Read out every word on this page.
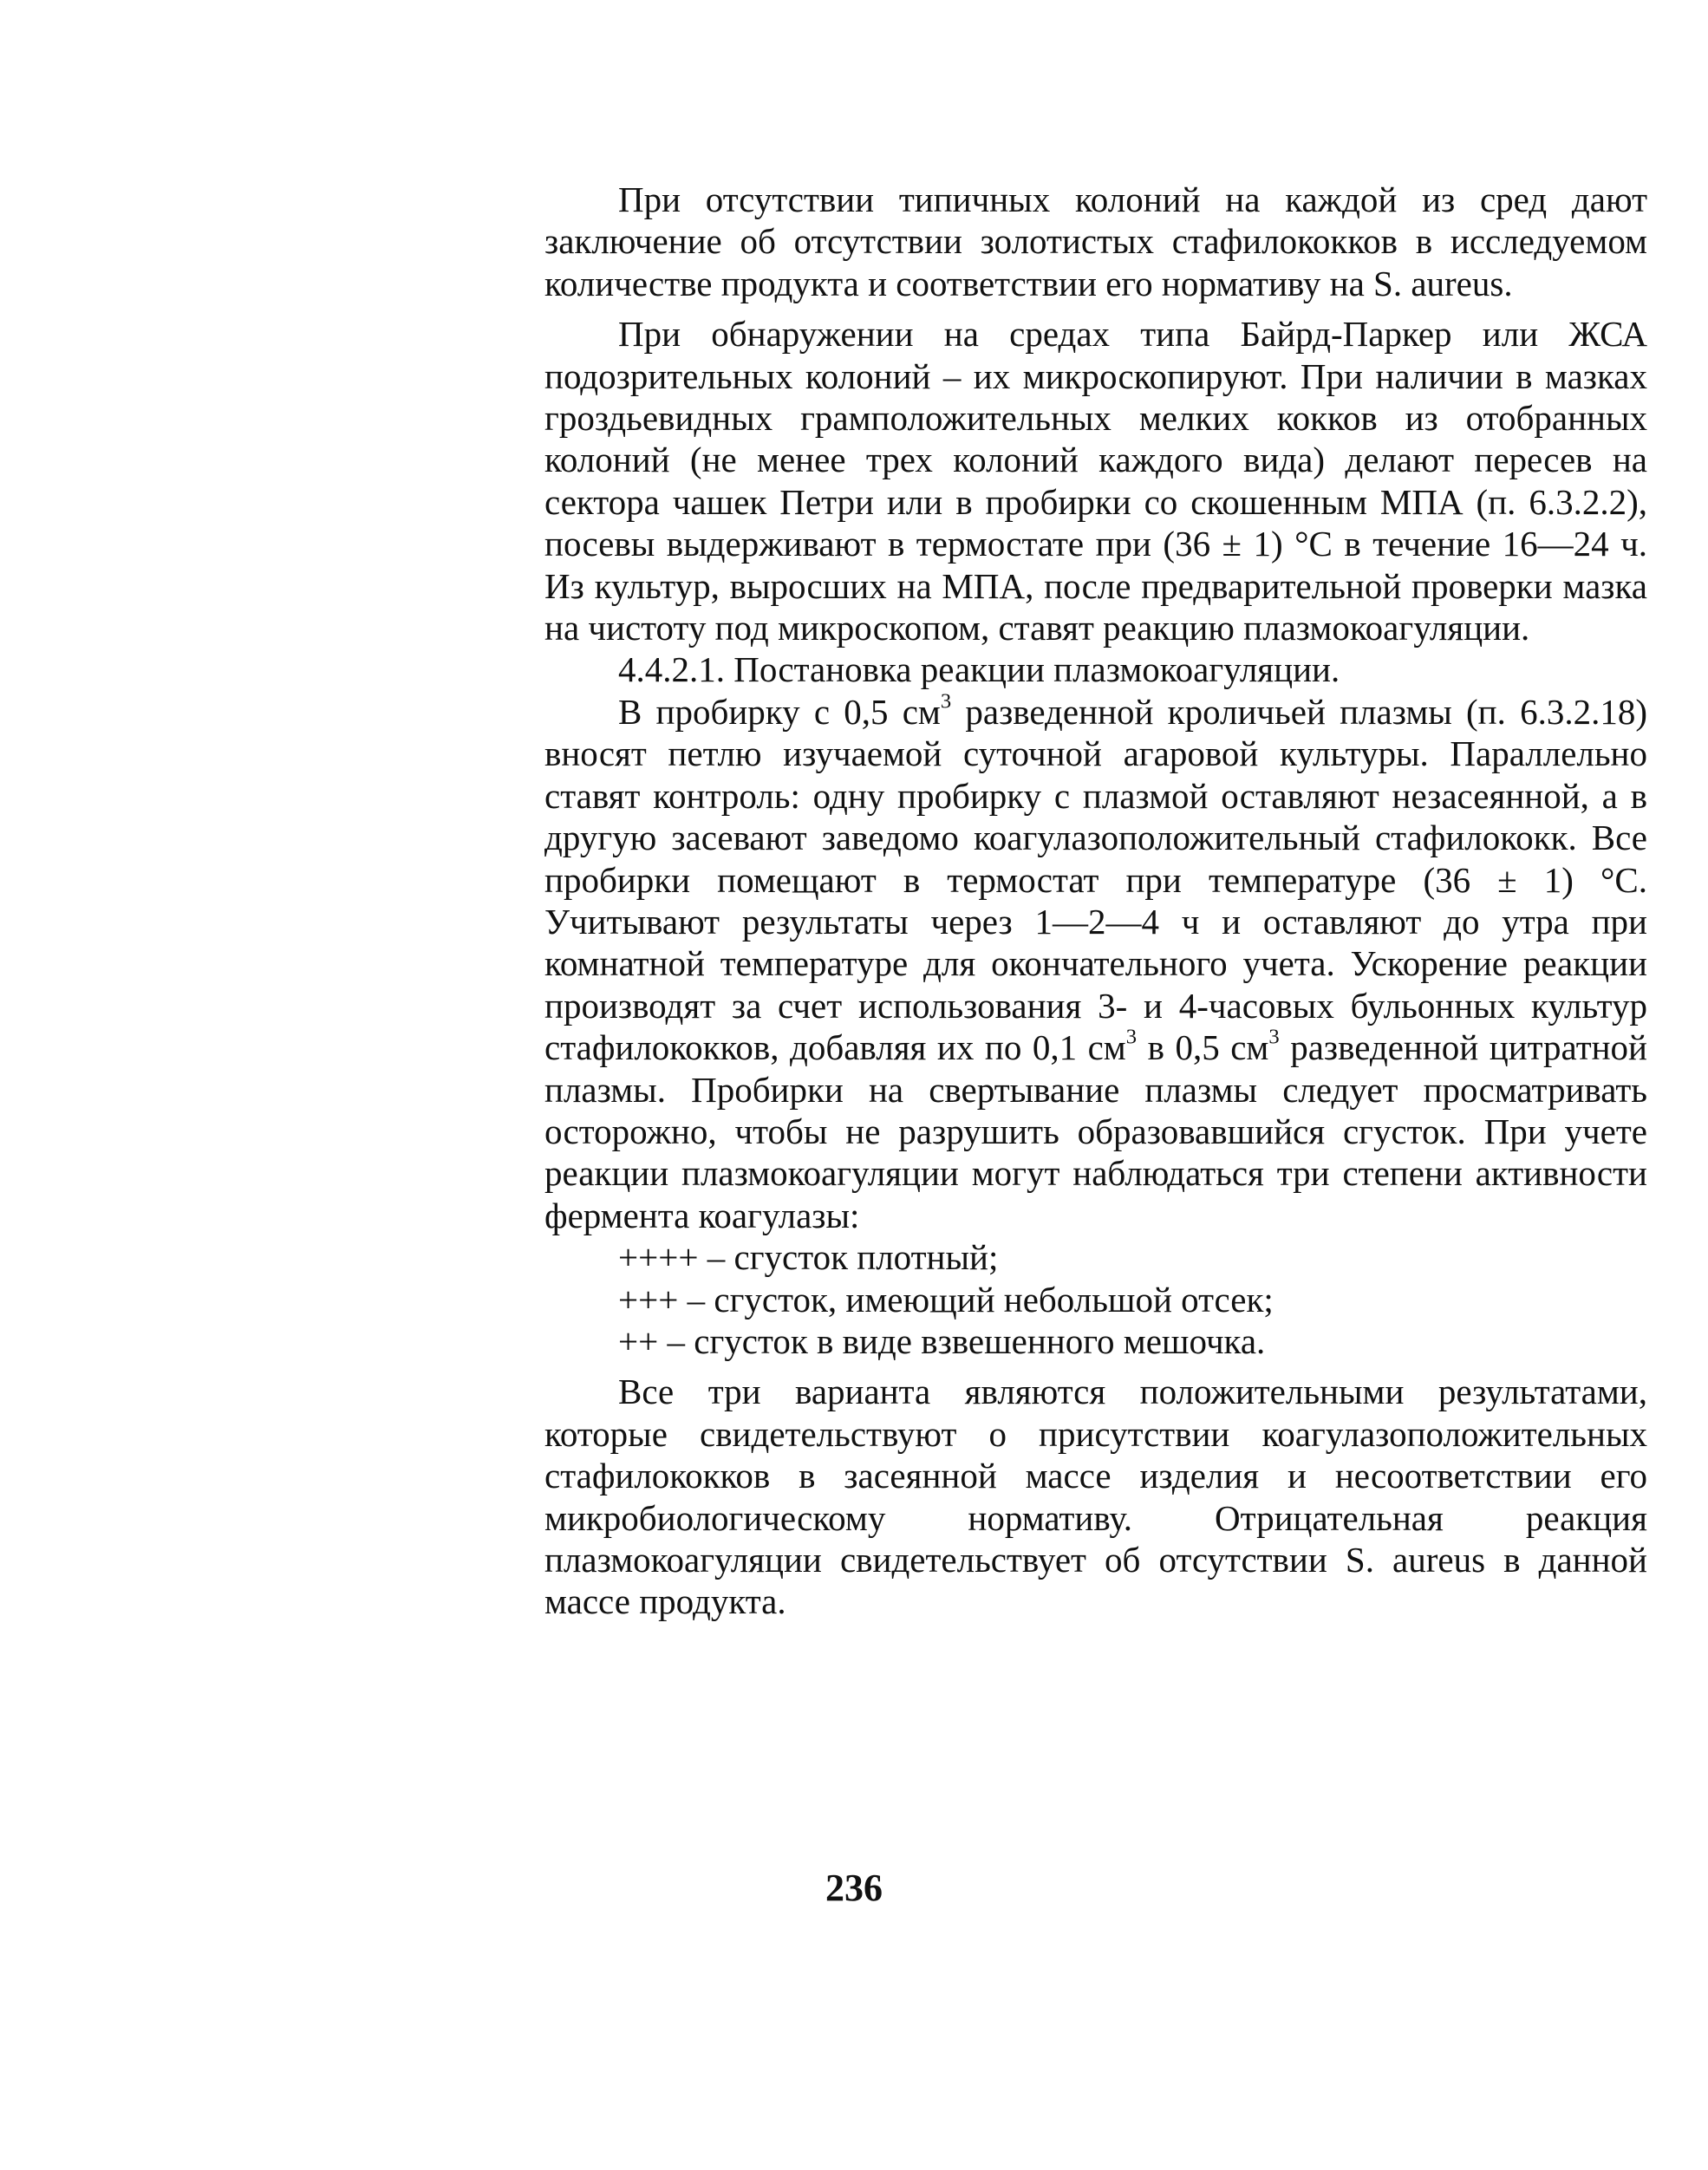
При отсутствии типичных колоний на каждой из сред дают заключение об отсутствии золотистых стафилококков в исследуемом количестве продукта и соответствии его нормативу на S. aureus.

При обнаружении на средах типа Байрд-Паркер или ЖСА подозрительных колоний – их микроскопируют. При наличии в мазках гроздьевидных грамположительных мелких кокков из отобранных колоний (не менее трех колоний каждого вида) делают пересев на сектора чашек Петри или в пробирки со скошенным МПА (п. 6.3.2.2), посевы выдерживают в термостате при (36 ± 1) °С в течение 16—24 ч. Из культур, выросших на МПА, после предварительной проверки мазка на чистоту под микроскопом, ставят реакцию плазмокоагуляции.

4.4.2.1. Постановка реакции плазмокоагуляции.

В пробирку с 0,5 $см^3$ разведенной кроличьей плазмы (п. 6.3.2.18) вносят петлю изучаемой суточной агаровой культуры. Параллельно ставят контроль: одну пробирку с плазмой оставляют незасеянной, а в другую засевают заведомо коагулазоположительный стафилококк. Все пробирки помещают в термостат при температуре (36 ± 1) °С. Учитывают результаты через 1—2—4 ч и оставляют до утра при комнатной температуре для окончательного учета. Ускорение реакции производят за счет использования 3- и 4-часовых бульонных культур стафилококков, добавляя их по 0,1 $см^3$ в 0,5 $см^3$ разведенной цитратной плазмы. Пробирки на свертывание плазмы следует просматривать осторожно, чтобы не разрушить образовавшийся сгусток. При учете реакции плазмокоагуляции могут наблюдаться три степени активности фермента коагулазы:

++++ – сгусток плотный;

+++ – сгусток, имеющий небольшой отсек;

++ – сгусток в виде взвешенного мешочка.

Все три варианта являются положительными результатами, которые свидетельствуют о присутствии коагулазоположительных стафилококков в засеянной массе изделия и несоответствии его микробиологическому нормативу. Отрицательная реакция плазмокоагуляции свидетельствует об отсутствии S. aureus в данной массе продукта.

236
